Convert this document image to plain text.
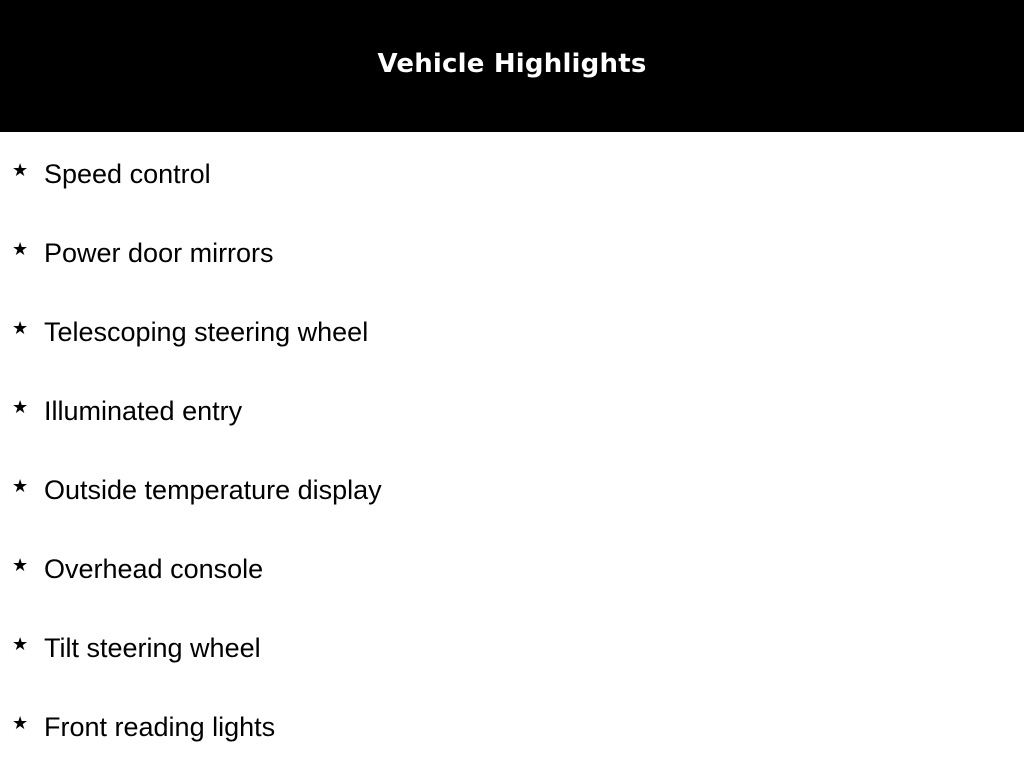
Vehicle Highlights
★ Speed control
★ Power door mirrors
★ Telescoping steering wheel
★ Illuminated entry
★ Outside temperature display
★ Overhead console
★ Tilt steering wheel
★ Front reading lights
